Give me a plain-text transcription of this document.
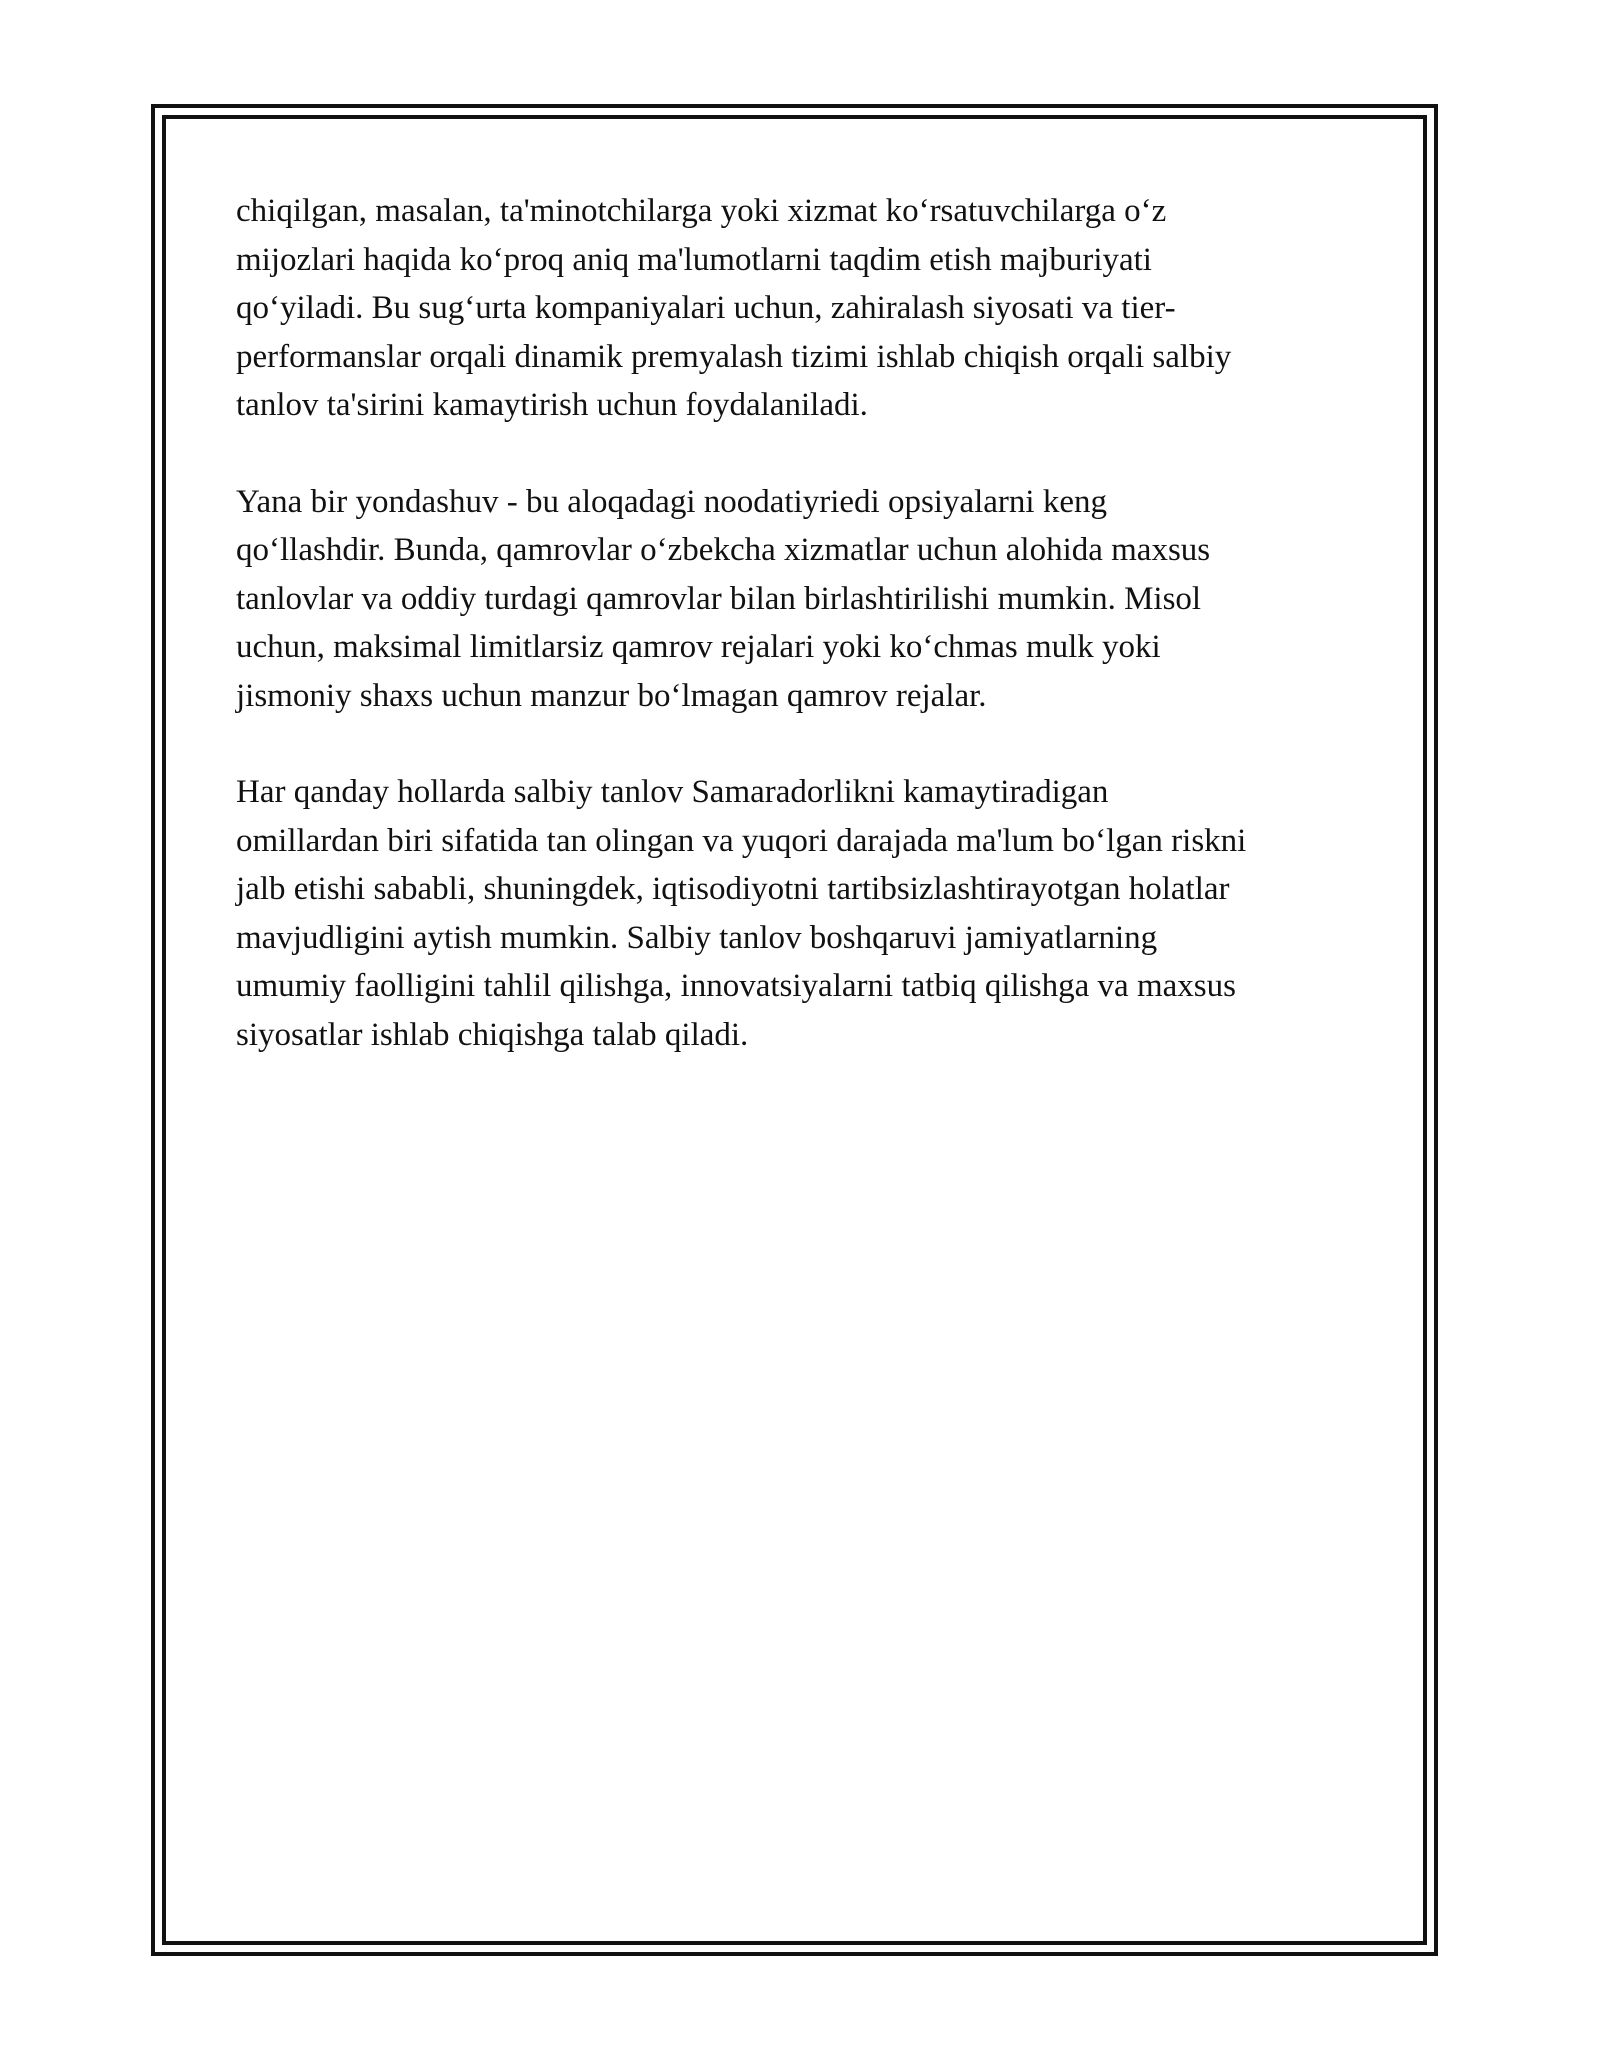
chiqilgan, masalan, ta'minotchilarga yoki xizmat koʻrsatuvchilarga oʻz
mijozlari haqida koʻproq aniq ma'lumotlarni taqdim etish majburiyati
qoʻyiladi. Bu sugʻurta kompaniyalari uchun, zahiralash siyosati va tier-
performanslar orqali dinamik premyalash tizimi ishlab chiqish orqali salbiy
tanlov ta'sirini kamaytirish uchun foydalaniladi.

Yana bir yondashuv - bu aloqadagi noodatiyriedi opsiyalarni keng
qoʻllashdir. Bunda, qamrovlar oʻzbekcha xizmatlar uchun alohida maxsus
tanlovlar va oddiy turdagi qamrovlar bilan birlashtirilishi mumkin. Misol
uchun, maksimal limitlarsiz qamrov rejalari yoki koʻchmas mulk yoki
jismoniy shaxs uchun manzur boʻlmagan qamrov rejalar.

Har qanday hollarda salbiy tanlov Samaradorlikni kamaytiradigan
omillardan biri sifatida tan olingan va yuqori darajada ma'lum boʻlgan riskni
jalb etishi sababli, shuningdek, iqtisodiyotni tartibsizlashtirayotgan holatlar
mavjudligini aytish mumkin. Salbiy tanlov boshqaruvi jamiyatlarning
umumiy faolligini tahlil qilishga, innovatsiyalarni tatbiq qilishga va maxsus
siyosatlar ishlab chiqishga talab qiladi.
